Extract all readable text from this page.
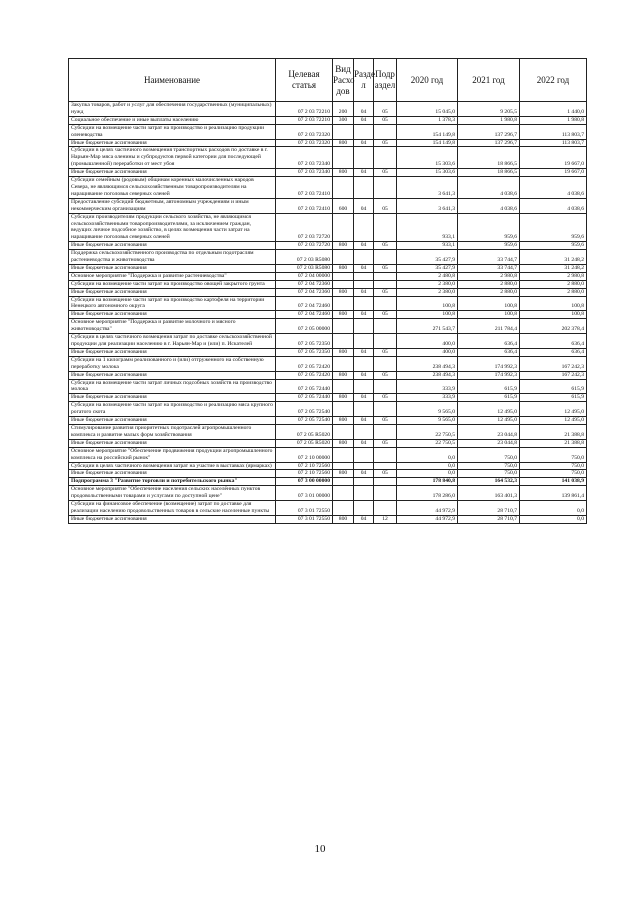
Наименование	Целевая статья	Вид Расхо дов	Разде л	Подр аздел	2020 год	2021 год	2022 год
Закупка товаров, работ и услуг для обеспечения государственных (муниципальных) нужд	07 2 03 72210	200	04	05	15 045,0	9 205,5	1 440,0
Социальное обеспечение и иные выплаты населению	07 2 03 72210	300	04	05	1 378,3	1 980,8	1 980,8
Субсидии на возмещение части затрат на производство и реализацию продукции оленеводства	07 2 03 72320				154 149,8	137 296,7	113 803,7
Иные бюджетные ассигнования	07 2 03 72320	800	04	05	154 149,8	137 296,7	113 803,7
Субсидии в целях частичного возмещения транспортных расходов по доставке в г. Нарьян-Мар мяса оленины и субпродуктов первой категории для последующей (промышленной) переработки от мест убоя	07 2 03 72340				15 303,6	18 866,5	19 667,0
Иные бюджетные ассигнования	07 2 03 72340	800	04	05	15 303,6	18 866,5	19 667,0
Субсидии семейным (родовым) общинам коренных малочисленных народов Севера, не являющимся сельскохозяйственным товаропроизводителям на наращивание поголовья северных оленей	07 2 03 72410				3 641,3	4 038,6	4 038,6
Предоставление субсидий бюджетным, автономным учреждениям и иным некоммерческим организациям	07 2 03 72410	600	04	05	3 641,3	4 038,6	4 038,6
Субсидии производителям продукции сельского хозяйства, не являющимся сельскохозяйственными товаропроизводителями, за исключением граждан, ведущих личное подсобное хозяйство, в целях возмещения части затрат на наращивание поголовья северных оленей	07 2 03 72720				933,1	959,6	959,6
Иные бюджетные ассигнования	07 2 03 72720	800	04	05	933,1	959,6	959,6
Поддержка сельскохозяйственного производства по отдельным подотраслям растениеводства и животноводства	07 2 03 R5080				35 427,9	33 744,7	31 248,2
Иные бюджетные ассигнования	07 2 03 R5080	800	04	05	35 427,9	33 744,7	31 248,2
Основное мероприятие "Поддержка и развитие растениеводства"	07 2 04 00000				2 480,8	2 980,8	2 980,8
Субсидии на возмещение части затрат на производство овощей закрытого грунта	07 2 04 72360				2 380,0	2 880,0	2 880,0
Иные бюджетные ассигнования	07 2 04 72360	800	04	05	2 380,0	2 880,0	2 880,0
Субсидии на возмещение части затрат на производство картофеля на территории Ненецкого автономного округа	07 2 04 72460				100,8	100,8	100,8
Иные бюджетные ассигнования	07 2 04 72460	800	04	05	100,8	100,8	100,8
Основное мероприятие "Поддержка и развитие молочного и мясного животноводства"	07 2 05 00000				271 543,7	211 784,4	202 378,4
Субсидии в целях частичного возмещения затрат по доставке сельскохозяйственной продукции для реализации населению в г. Нарьян-Мар и (или) п. Искателей	07 2 05 72350				400,0	636,4	636,4
Иные бюджетные ассигнования	07 2 05 72350	800	04	05	400,0	636,4	636,4
Субсидии на 1 килограмм реализованного и (или) отгруженного на собственную переработку молока	07 2 05 72420				238 494,3	174 992,3	167 242,3
Иные бюджетные ассигнования	07 2 05 72420	800	04	05	238 494,3	174 992,3	167 242,3
Субсидии на возмещение части затрат личных подсобных хозяйств на производство молока	07 2 05 72440				333,9	615,9	615,9
Иные бюджетные ассигнования	07 2 05 72440	800	04	05	333,9	615,9	615,9
Субсидии на возмещение части затрат на производство и реализацию мяса крупного рогатого скота	07 2 05 72540				9 565,0	12 495,0	12 495,0
Иные бюджетные ассигнования	07 2 05 72540	800	04	05	9 565,0	12 495,0	12 495,0
Стимулирование развития приоритетных подотраслей агропромышленного комплекса и развитие малых форм хозяйствования	07 2 05 R5020				22 750,5	23 044,8	21 388,8
Иные бюджетные ассигнования	07 2 05 R5020	800	04	05	22 750,5	23 044,8	21 388,8
Основное мероприятие "Обеспечение продвижения продукции агропромышленного комплекса на российский рынок"	07 2 10 00000				0,0	750,0	750,0
Субсидии в целях частичного возмещения затрат на участие в выставках (ярмарках)	07 2 10 72560				0,0	750,0	750,0
Иные бюджетные ассигнования	07 2 10 72560	800	04	05	0,0	750,0	750,0
Подпрограмма 3 "Развитие торговли и потребительского рынка"	07 3 00 00000				178 840,8	164 532,3	141 038,9
Основное мероприятие "Обеспечение населения сельских населённых пунктов продовольственными товарами и услугами по доступной цене"	07 3 01 00000				178 286,0	163 401,3	139 861,4
Субсидии на финансовое обеспечение (возмещение) затрат по доставке для реализации населению продовольственных товаров в сельские населенные пункты	07 3 01 72550				44 972,9	28 710,7	0,0
Иные бюджетные ассигнования	07 3 01 72550	800	04	12	44 972,9	28 710,7	0,0
10
